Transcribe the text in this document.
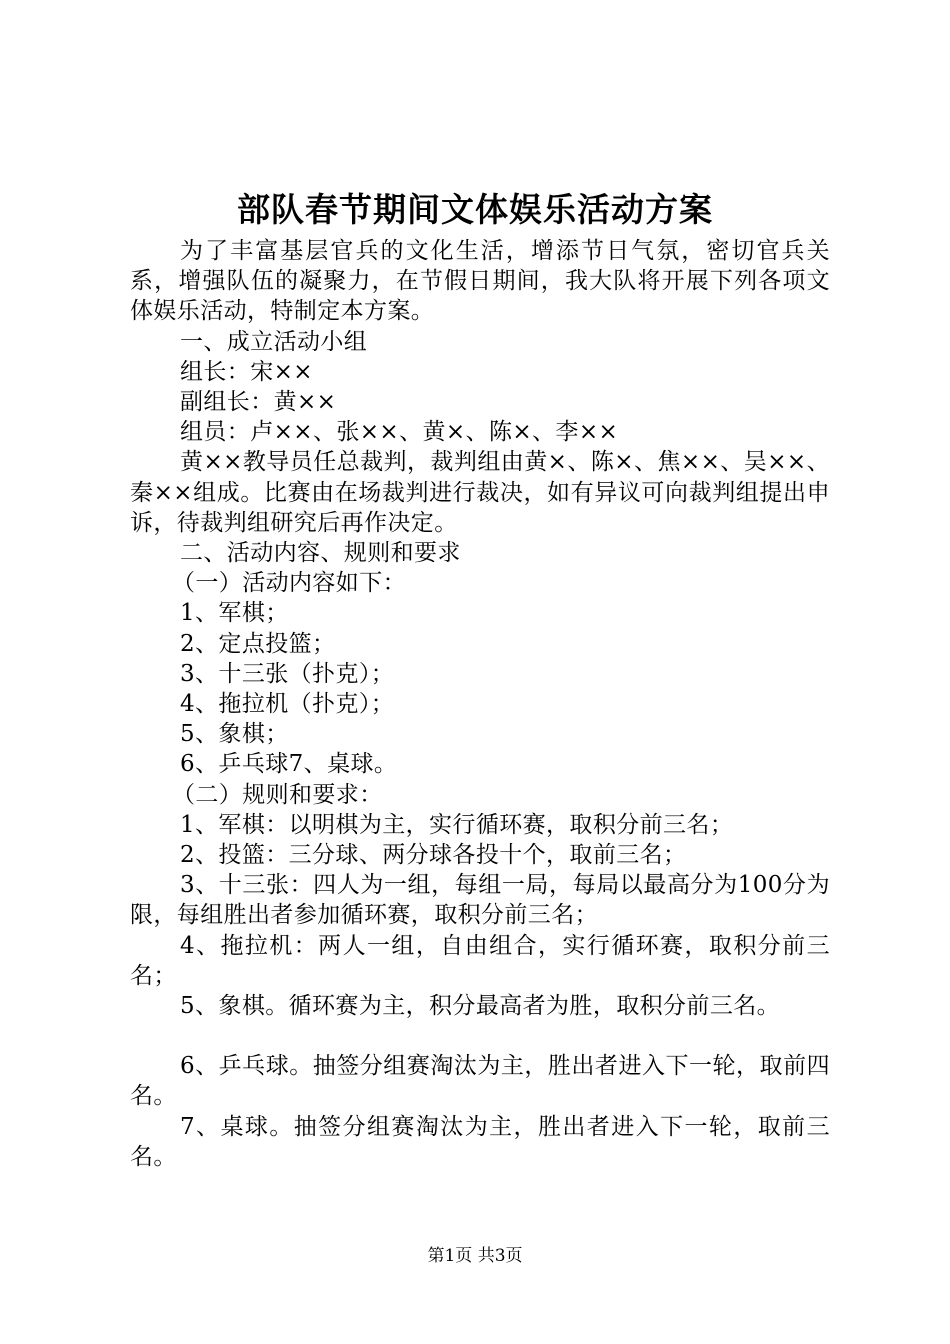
部队春节期间文体娱乐活动方案

为了丰富基层官兵的文化生活，增添节日气氛，密切官兵关系，增强队伍的凝聚力，在节假日期间，我大队将开展下列各项文体娱乐活动，特制定本方案。

一、成立活动小组

组长：宋××

副组长：黄××

组员：卢××、张××、黄×、陈×、李××

黄××教导员任总裁判，裁判组由黄×、陈×、焦××、吴××、秦××组成。比赛由在场裁判进行裁决，如有异议可向裁判组提出申诉，待裁判组研究后再作决定。

二、活动内容、规则和要求

（一）活动内容如下：

1、军棋；

2、定点投篮；

3、十三张（扑克）；

4、拖拉机（扑克）；

5、象棋；

6、乒乓球7、桌球。

（二）规则和要求：

1、军棋：以明棋为主，实行循环赛，取积分前三名；

2、投篮：三分球、两分球各投十个，取前三名；

3、十三张：四人为一组，每组一局，每局以最高分为100分为限，每组胜出者参加循环赛，取积分前三名；

4、拖拉机：两人一组，自由组合，实行循环赛，取积分前三名；

5、象棋。循环赛为主，积分最高者为胜，取积分前三名。

6、乒乓球。抽签分组赛淘汰为主，胜出者进入下一轮，取前四名。

7、桌球。抽签分组赛淘汰为主，胜出者进入下一轮，取前三名。

第1页 共3页
